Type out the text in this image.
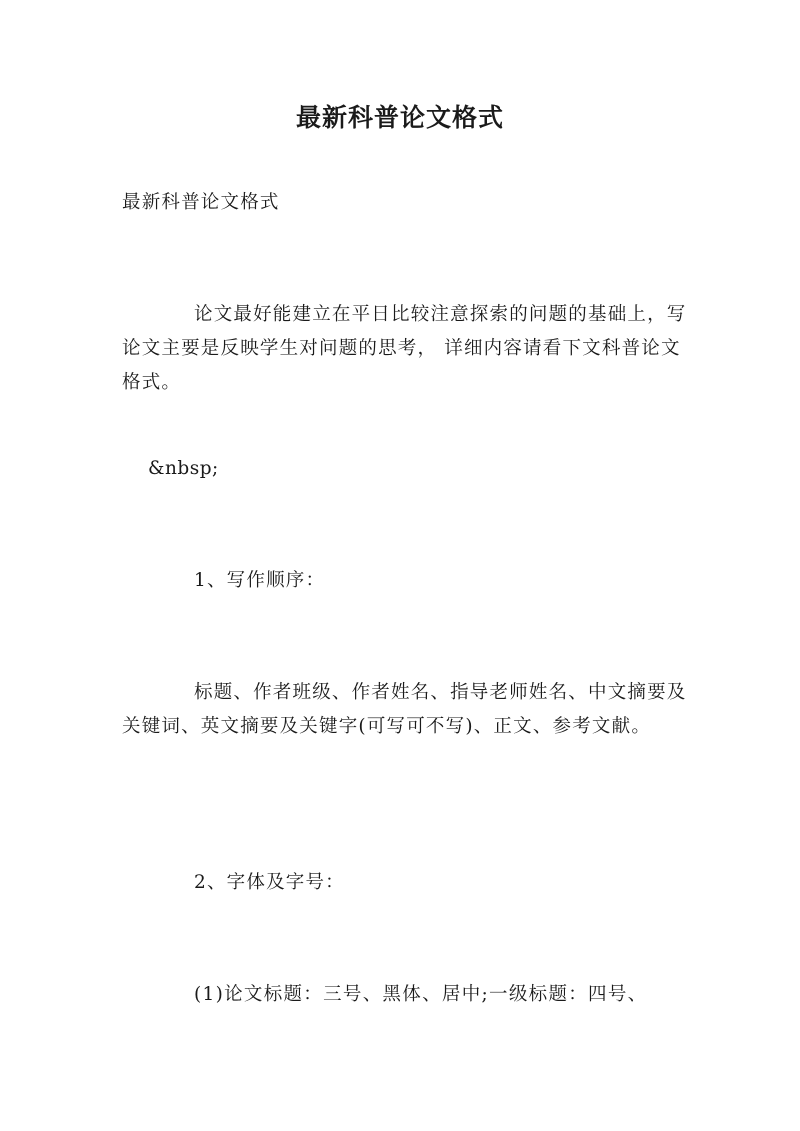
最新科普论文格式

最新科普论文格式

论文最好能建立在平日比较注意探索的问题的基础上，写论文主要是反映学生对问题的思考， 详细内容请看下文科普论文格式。

&nbsp;

1、写作顺序：

标题、作者班级、作者姓名、指导老师姓名、中文摘要及关键词、英文摘要及关键字(可写可不写)、正文、参考文献。

2、字体及字号：

(1)论文标题：三号、黑体、居中;一级标题：四号、
